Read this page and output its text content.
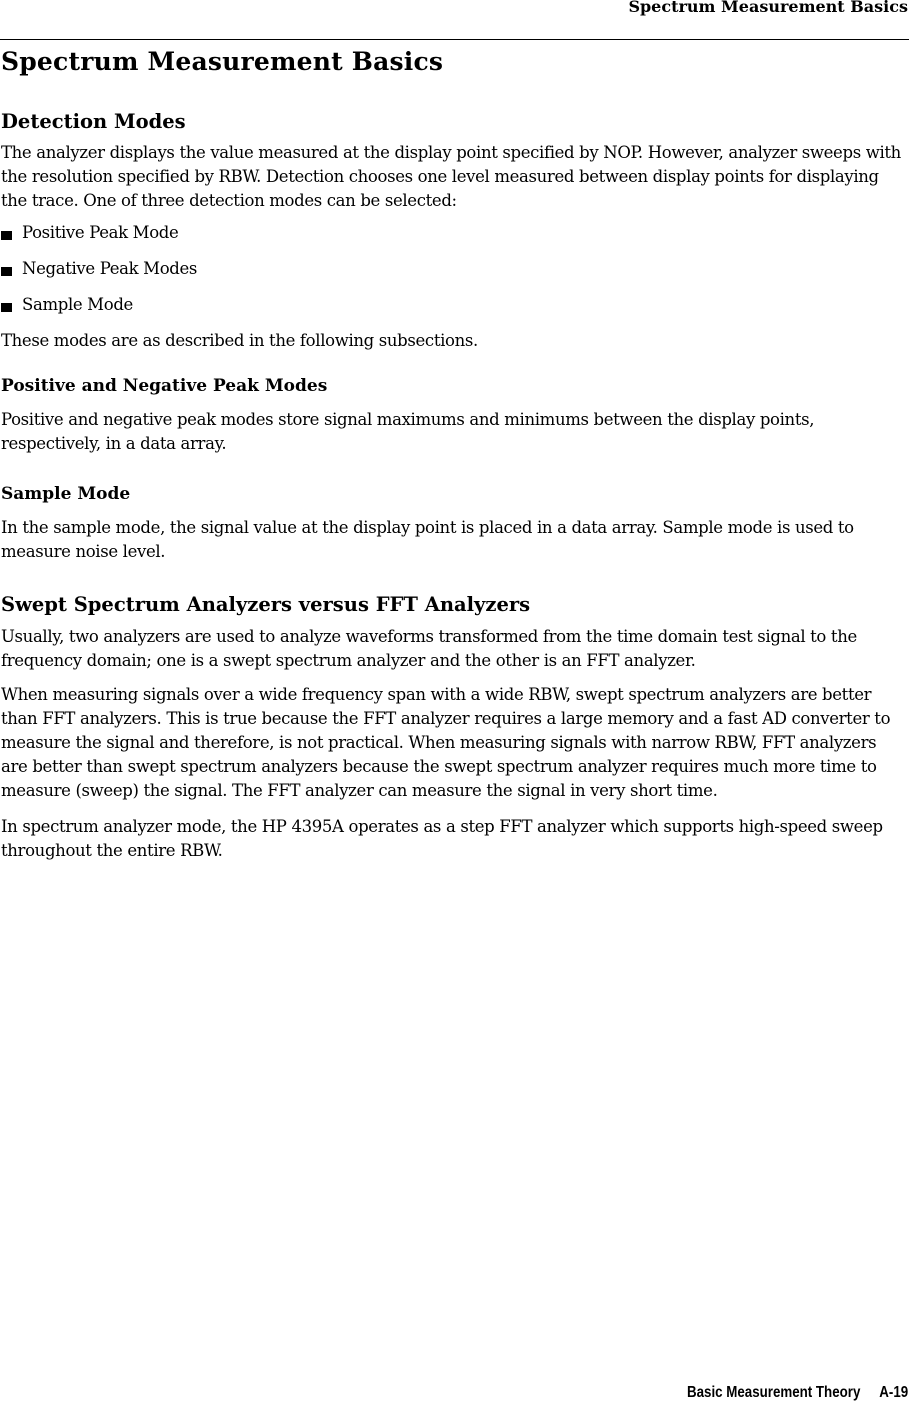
Spectrum Measurement Basics
Spectrum Measurement Basics
Detection Modes

The analyzer displays the value measured at the display point specified by NOP. However, analyzer sweeps with the resolution specified by RBW. Detection chooses one level measured between display points for displaying the trace. One of three detection modes can be selected:

Positive Peak Mode
Negative Peak Modes
Sample Mode

These modes are as described in the following subsections.

Positive and Negative Peak Modes

Positive and negative peak modes store signal maximums and minimums between the display points, respectively, in a data array.

Sample Mode

In the sample mode, the signal value at the display point is placed in a data array. Sample mode is used to measure noise level.

Swept Spectrum Analyzers versus FFT Analyzers

Usually, two analyzers are used to analyze waveforms transformed from the time domain test signal to the frequency domain; one is a swept spectrum analyzer and the other is an FFT analyzer.

When measuring signals over a wide frequency span with a wide RBW, swept spectrum analyzers are better than FFT analyzers. This is true because the FFT analyzer requires a large memory and a fast AD converter to measure the signal and therefore, is not practical. When measuring signals with narrow RBW, FFT analyzers are better than swept spectrum analyzers because the swept spectrum analyzer requires much more time to measure (sweep) the signal. The FFT analyzer can measure the signal in very short time.

In spectrum analyzer mode, the HP 4395A operates as a step FFT analyzer which supports high-speed sweep throughout the entire RBW.

Basic Measurement Theory A-19
